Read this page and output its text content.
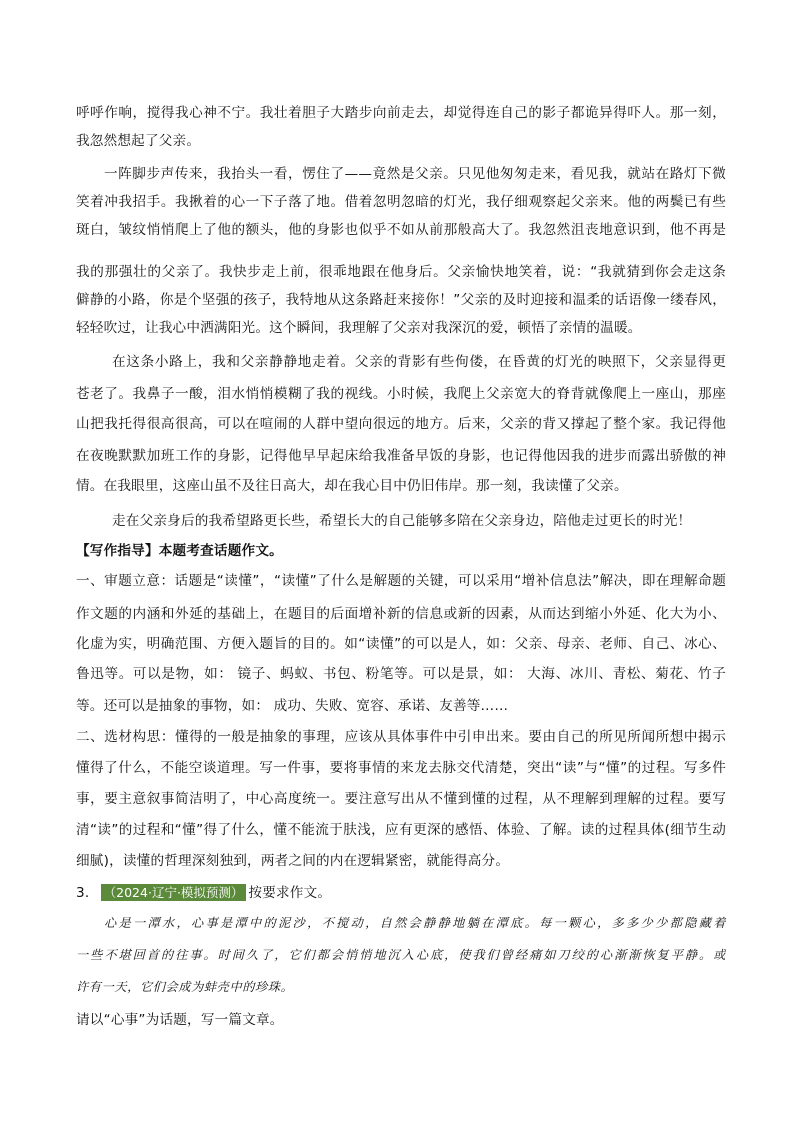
呼呼作响，搅得我心神不宁。我壮着胆子大踏步向前走去，却觉得连自己的影子都诡异得吓人。那一刻，

我忽然想起了父亲。

一阵脚步声传来，我抬头一看，愣住了——竟然是父亲。只见他匆匆走来，看见我，就站在路灯下微

笑着冲我招手。我揪着的心一下子落了地。借着忽明忽暗的灯光，我仔细观察起父亲来。他的两鬓已有些

斑白，皱纹悄悄爬上了他的额头，他的身影也似乎不如从前那般高大了。我忽然沮丧地意识到，他不再是

我的那强壮的父亲了。我快步走上前，很乖地跟在他身后。父亲愉快地笑着，说：“我就猜到你会走这条

僻静的小路，你是个坚强的孩子，我特地从这条路赶来接你！”父亲的及时迎接和温柔的话语像一缕春风，

轻轻吹过，让我心中洒满阳光。这个瞬间，我理解了父亲对我深沉的爱，顿悟了亲情的温暖。

在这条小路上，我和父亲静静地走着。父亲的背影有些佝偻，在昏黄的灯光的映照下，父亲显得更

苍老了。我鼻子一酸，泪水悄悄模糊了我的视线。小时候，我爬上父亲宽大的脊背就像爬上一座山，那座

山把我托得很高很高，可以在喧闹的人群中望向很远的地方。后来，父亲的背又撑起了整个家。我记得他

在夜晚默默加班工作的身影，记得他早早起床给我准备早饭的身影，也记得他因我的进步而露出骄傲的神

情。在我眼里，这座山虽不及往日高大，却在我心目中仍旧伟岸。那一刻，我读懂了父亲。

走在父亲身后的我希望路更长些，希望长大的自己能够多陪在父亲身边，陪他走过更长的时光！

【写作指导】本题考查话题作文。

一、审题立意：话题是“读懂”，“读懂”了什么是解题的关键，可以采用“增补信息法”解决，即在理解命题

作文题的内涵和外延的基础上，在题目的后面增补新的信息或新的因素，从而达到缩小外延、化大为小、

化虚为实，明确范围、方便入题旨的目的。如“读懂”的可以是人，如：父亲、母亲、老师、自己、冰心、

鲁迅等。可以是物，如： 镜子、蚂蚁、书包、粉笔等。可以是景，如： 大海、冰川、青松、菊花、竹子

等。还可以是抽象的事物，如： 成功、失败、宽容、承诺、友善等……

二、选材构思：懂得的一般是抽象的事理，应该从具体事件中引申出来。要由自己的所见所闻所想中揭示

懂得了什么，不能空谈道理。写一件事，要将事情的来龙去脉交代清楚，突出“读”与“懂”的过程。写多件

事，要主意叙事简洁明了，中心高度统一。要注意写出从不懂到懂的过程，从不理解到理解的过程。要写

清“读”的过程和“懂”得了什么，懂不能流于肤浅，应有更深的感悟、体验、了解。读的过程具体(细节生动

细腻)，读懂的哲理深刻独到，两者之间的内在逻辑紧密，就能得高分。

3． （2024·辽宁·模拟预测） 按要求作文。

心是一潭水，心事是潭中的泥沙，不搅动，自然会静静地躺在潭底。每一颗心，多多少少都隐藏着

一些不堪回首的往事。时间久了，它们都会悄悄地沉入心底，使我们曾经痛如刀绞的心渐渐恢复平静。或

许有一天，它们会成为蚌壳中的珍珠。

请以“心事”为话题，写一篇文章。
